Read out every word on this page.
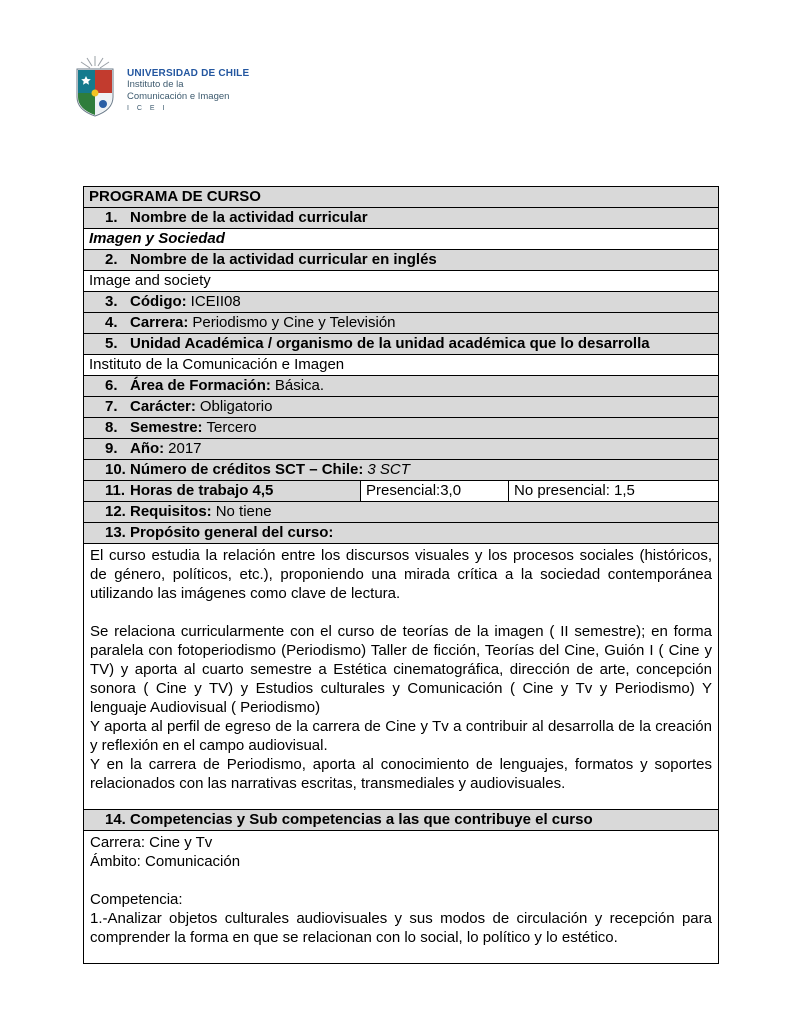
UNIVERSIDAD DE CHILE
Instituto de la
Comunicación e Imagen
I C E I
PROGRAMA DE CURSO
1. Nombre de la actividad curricular
Imagen y Sociedad
2. Nombre de la actividad curricular en inglés
Image and society
3. Código: ICEII08
4. Carrera: Periodismo y Cine y Televisión
5. Unidad Académica / organismo de la unidad académica que lo desarrolla
Instituto de la Comunicación e Imagen
6. Área de Formación: Básica.
7. Carácter: Obligatorio
8. Semestre: Tercero
9. Año: 2017
10. Número de créditos SCT – Chile: 3 SCT
11. Horas de trabajo 4,5	Presencial:3,0	No presencial: 1,5
12. Requisitos: No tiene
13. Propósito general del curso:

El curso estudia la relación entre los discursos visuales y los procesos sociales (históricos, de género, políticos, etc.), proponiendo una mirada crítica a la sociedad contemporánea utilizando las imágenes como clave de lectura.

Se relaciona curricularmente con el curso de teorías de la imagen ( II semestre); en forma paralela con fotoperiodismo (Periodismo) Taller de ficción, Teorías del Cine, Guión I ( Cine y TV) y aporta al cuarto semestre a Estética cinematográfica, dirección de arte, concepción sonora ( Cine y TV) y Estudios culturales y Comunicación ( Cine y Tv y Periodismo) Y lenguaje Audiovisual ( Periodismo)

Y aporta al perfil de egreso de la carrera de Cine y Tv a contribuir al desarrolla de la creación y reflexión en el campo audiovisual.

Y en la carrera de Periodismo, aporta al conocimiento de lenguajes, formatos y soportes relacionados con las narrativas escritas, transmediales y audiovisuales.

14. Competencias y Sub competencias a las que contribuye el curso

Carrera: Cine y Tv

Ámbito: Comunicación

Competencia:

1.-Analizar objetos culturales audiovisuales y sus modos de circulación y recepción para comprender la forma en que se relacionan con lo social, lo político y lo estético.
